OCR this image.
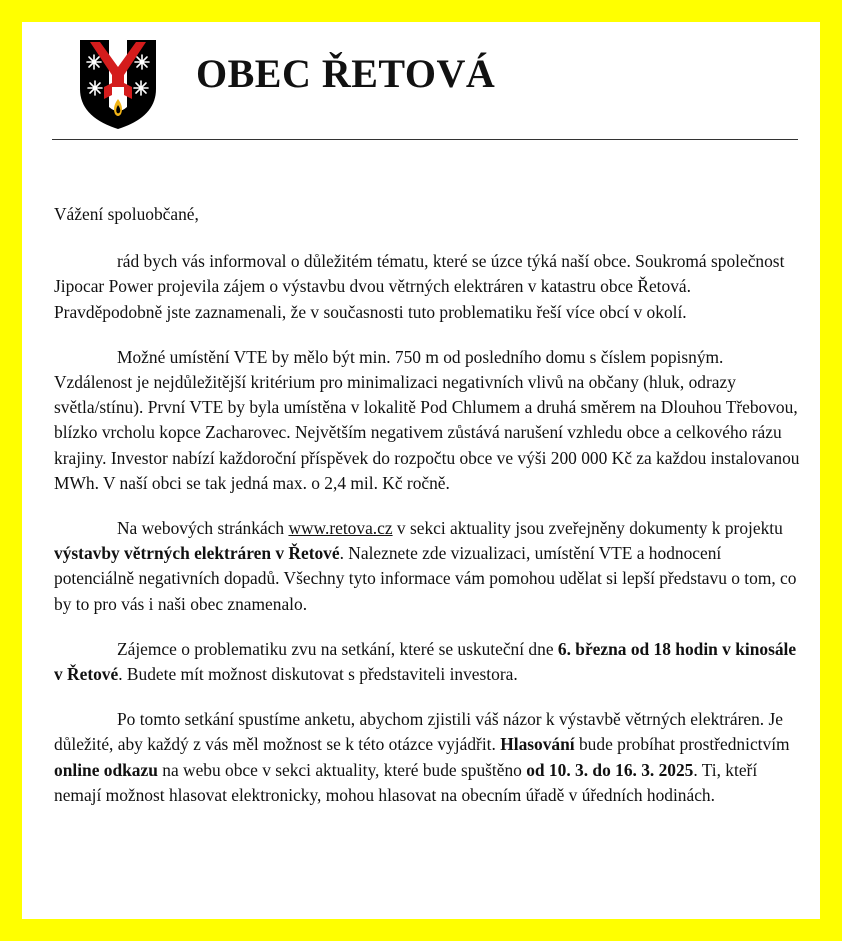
OBEC ŘETOVÁ

Vážení spoluobčané,

rád bych vás informoval o důležitém tématu, které se úzce týká naší obce. Soukromá společnost Jipocar Power projevila zájem o výstavbu dvou větrných elektráren v katastru obce Řetová. Pravděpodobně jste zaznamenali, že v současnosti tuto problematiku řeší více obcí v okolí.

Možné umístění VTE by mělo být min. 750 m od posledního domu s číslem popisným. Vzdálenost je nejdůležitější kritérium pro minimalizaci negativních vlivů na občany (hluk, odrazy světla/stínu). První VTE by byla umístěna v lokalitě Pod Chlumem a druhá směrem na Dlouhou Třebovou, blízko vrcholu kopce Zacharovec. Největším negativem zůstává narušení vzhledu obce a celkového rázu krajiny. Investor nabízí každoroční příspěvek do rozpočtu obce ve výši 200 000 Kč za každou instalovanou MWh. V naší obci se tak jedná max. o 2,4 mil. Kč ročně.

Na webových stránkách www.retova.cz v sekci aktuality jsou zveřejněny dokumenty k projektu výstavby větrných elektráren v Řetové. Naleznete zde vizualizaci, umístění VTE a hodnocení potenciálně negativních dopadů. Všechny tyto informace vám pomohou udělat si lepší představu o tom, co by to pro vás i naši obec znamenalo.

Zájemce o problematiku zvu na setkání, které se uskuteční dne 6. března od 18 hodin v kinosále v Řetové. Budete mít možnost diskutovat s představiteli investora.

Po tomto setkání spustíme anketu, abychom zjistili váš názor k výstavbě větrných elektráren. Je důležité, aby každý z vás měl možnost se k této otázce vyjádřit. Hlasování bude probíhat prostřednictvím online odkazu na webu obce v sekci aktuality, které bude spuštěno od 10. 3. do 16. 3. 2025. Ti, kteří nemají možnost hlasovat elektronicky, mohou hlasovat na obecním úřadě v úředních hodinách.
